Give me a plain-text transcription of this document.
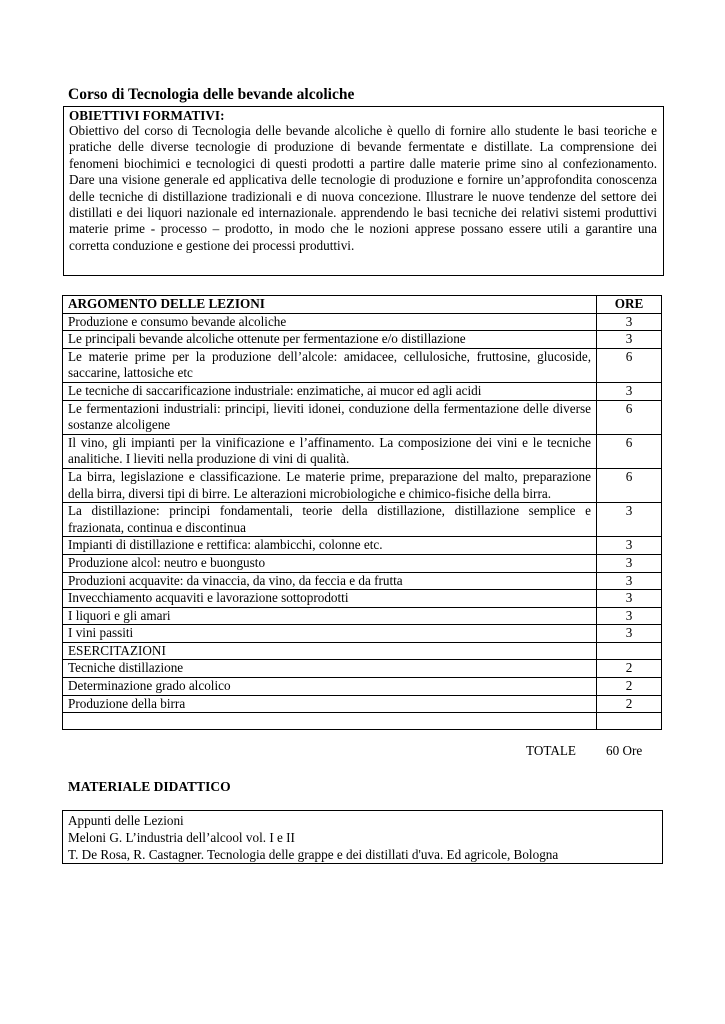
Corso di Tecnologia delle bevande alcoliche
OBIETTIVI FORMATIVI:
Obiettivo del corso di Tecnologia delle bevande alcoliche è quello di fornire allo studente le basi teoriche e pratiche delle diverse tecnologie di produzione di bevande fermentate e distillate. La comprensione dei fenomeni biochimici e tecnologici di questi prodotti a partire dalle materie prime sino al confezionamento. Dare una visione generale ed applicativa delle tecnologie di produzione e fornire un’approfondita conoscenza delle tecniche di distillazione tradizionali e di nuova concezione. Illustrare le nuove tendenze del settore dei distillati e dei liquori nazionale ed internazionale. apprendendo le basi tecniche dei relativi sistemi produttivi materie prime - processo – prodotto, in modo che le nozioni apprese possano essere utili a garantire una corretta conduzione e gestione dei processi produttivi.
ARGOMENTO DELLE LEZIONI	ORE
Produzione e consumo bevande alcoliche	3
Le principali bevande alcoliche ottenute per fermentazione e/o distillazione	3
Le materie prime per la produzione dell’alcole: amidacee, cellulosiche, fruttosine, glucoside, saccarine, lattosiche etc	6
Le tecniche di saccarificazione industriale: enzimatiche, ai mucor ed agli acidi	3
Le fermentazioni industriali: principi, lieviti idonei, conduzione della fermentazione delle diverse sostanze alcoligene	6
Il vino, gli impianti per la vinificazione e l’affinamento. La composizione dei vini e le tecniche analitiche. I lieviti nella produzione di vini di qualità.	6
La birra, legislazione e classificazione. Le materie prime, preparazione del malto, preparazione della birra, diversi tipi di birre. Le alterazioni microbiologiche e chimico-fisiche della birra.	6
La distillazione: principi fondamentali, teorie della distillazione, distillazione semplice e frazionata, continua e discontinua	3
Impianti di distillazione e rettifica: alambicchi, colonne etc.	3
Produzione alcol: neutro e buongusto	3
Produzioni acquavite: da vinaccia, da vino, da feccia e da frutta	3
Invecchiamento acquaviti e lavorazione sottoprodotti	3
I liquori e gli amari	3
I vini passiti	3
ESERCITAZIONI	
Tecniche distillazione	2
Determinazione grado alcolico	2
Produzione della birra	2

TOTALE 60 Ore
MATERIALE DIDATTICO
Appunti delle Lezioni
Meloni G. L’industria dell’alcool vol. I e II
T. De Rosa, R. Castagner. Tecnologia delle grappe e dei distillati d'uva. Ed agricole, Bologna
